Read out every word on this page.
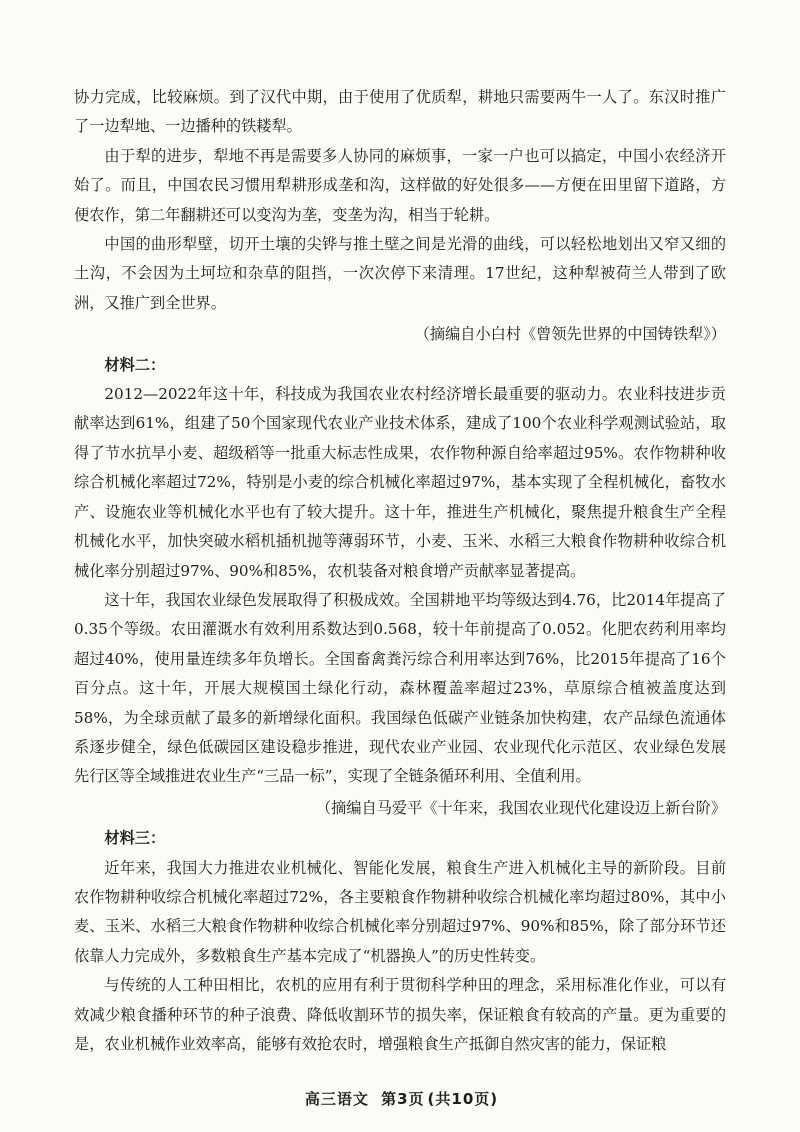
协力完成，比较麻烦。到了汉代中期，由于使用了优质犁，耕地只需要两牛一人了。东汉时推广了一边犁地、一边播种的铁耧犁。

由于犁的进步，犁地不再是需要多人协同的麻烦事，一家一户也可以搞定，中国小农经济开始了。而且，中国农民习惯用犁耕形成垄和沟，这样做的好处很多——方便在田里留下道路，方便农作，第二年翻耕还可以变沟为垄，变垄为沟，相当于轮耕。

中国的曲形犁壁，切开土壤的尖铧与推土壁之间是光滑的曲线，可以轻松地划出又窄又细的土沟，不会因为土坷垃和杂草的阻挡，一次次停下来清理。17世纪，这种犁被荷兰人带到了欧洲，又推广到全世界。

（摘编自小白村《曾领先世界的中国铸铁犁》）

材料二：

2012—2022年这十年，科技成为我国农业农村经济增长最重要的驱动力。农业科技进步贡献率达到61%，组建了50个国家现代农业产业技术体系，建成了100个农业科学观测试验站，取得了节水抗旱小麦、超级稻等一批重大标志性成果，农作物种源自给率超过95%。农作物耕种收综合机械化率超过72%，特别是小麦的综合机械化率超过97%，基本实现了全程机械化，畜牧水产、设施农业等机械化水平也有了较大提升。这十年，推进生产机械化，聚焦提升粮食生产全程机械化水平，加快突破水稻机插机抛等薄弱环节，小麦、玉米、水稻三大粮食作物耕种收综合机械化率分别超过97%、90%和85%，农机装备对粮食增产贡献率显著提高。

这十年，我国农业绿色发展取得了积极成效。全国耕地平均等级达到4.76，比2014年提高了0.35个等级。农田灌溉水有效利用系数达到0.568，较十年前提高了0.052。化肥农药利用率均超过40%，使用量连续多年负增长。全国畜禽粪污综合利用率达到76%，比2015年提高了16个百分点。这十年，开展大规模国土绿化行动，森林覆盖率超过23%，草原综合植被盖度达到58%，为全球贡献了最多的新增绿化面积。我国绿色低碳产业链条加快构建，农产品绿色流通体系逐步健全，绿色低碳园区建设稳步推进，现代农业产业园、农业现代化示范区、农业绿色发展先行区等全域推进农业生产“三品一标”，实现了全链条循环利用、全值利用。

（摘编自马爱平《十年来，我国农业现代化建设迈上新台阶》

材料三：

近年来，我国大力推进农业机械化、智能化发展，粮食生产进入机械化主导的新阶段。目前农作物耕种收综合机械化率超过72%，各主要粮食作物耕种收综合机械化率均超过80%，其中小麦、玉米、水稻三大粮食作物耕种收综合机械化率分别超过97%、90%和85%，除了部分环节还依靠人力完成外，多数粮食生产基本完成了“机器换人”的历史性转变。

与传统的人工种田相比，农机的应用有利于贯彻科学种田的理念，采用标准化作业，可以有效减少粮食播种环节的种子浪费、降低收割环节的损失率，保证粮食有较高的产量。更为重要的是，农业机械作业效率高，能够有效抢农时，增强粮食生产抵御自然灾害的能力，保证粮

高三语文 第3页 (共10页)
